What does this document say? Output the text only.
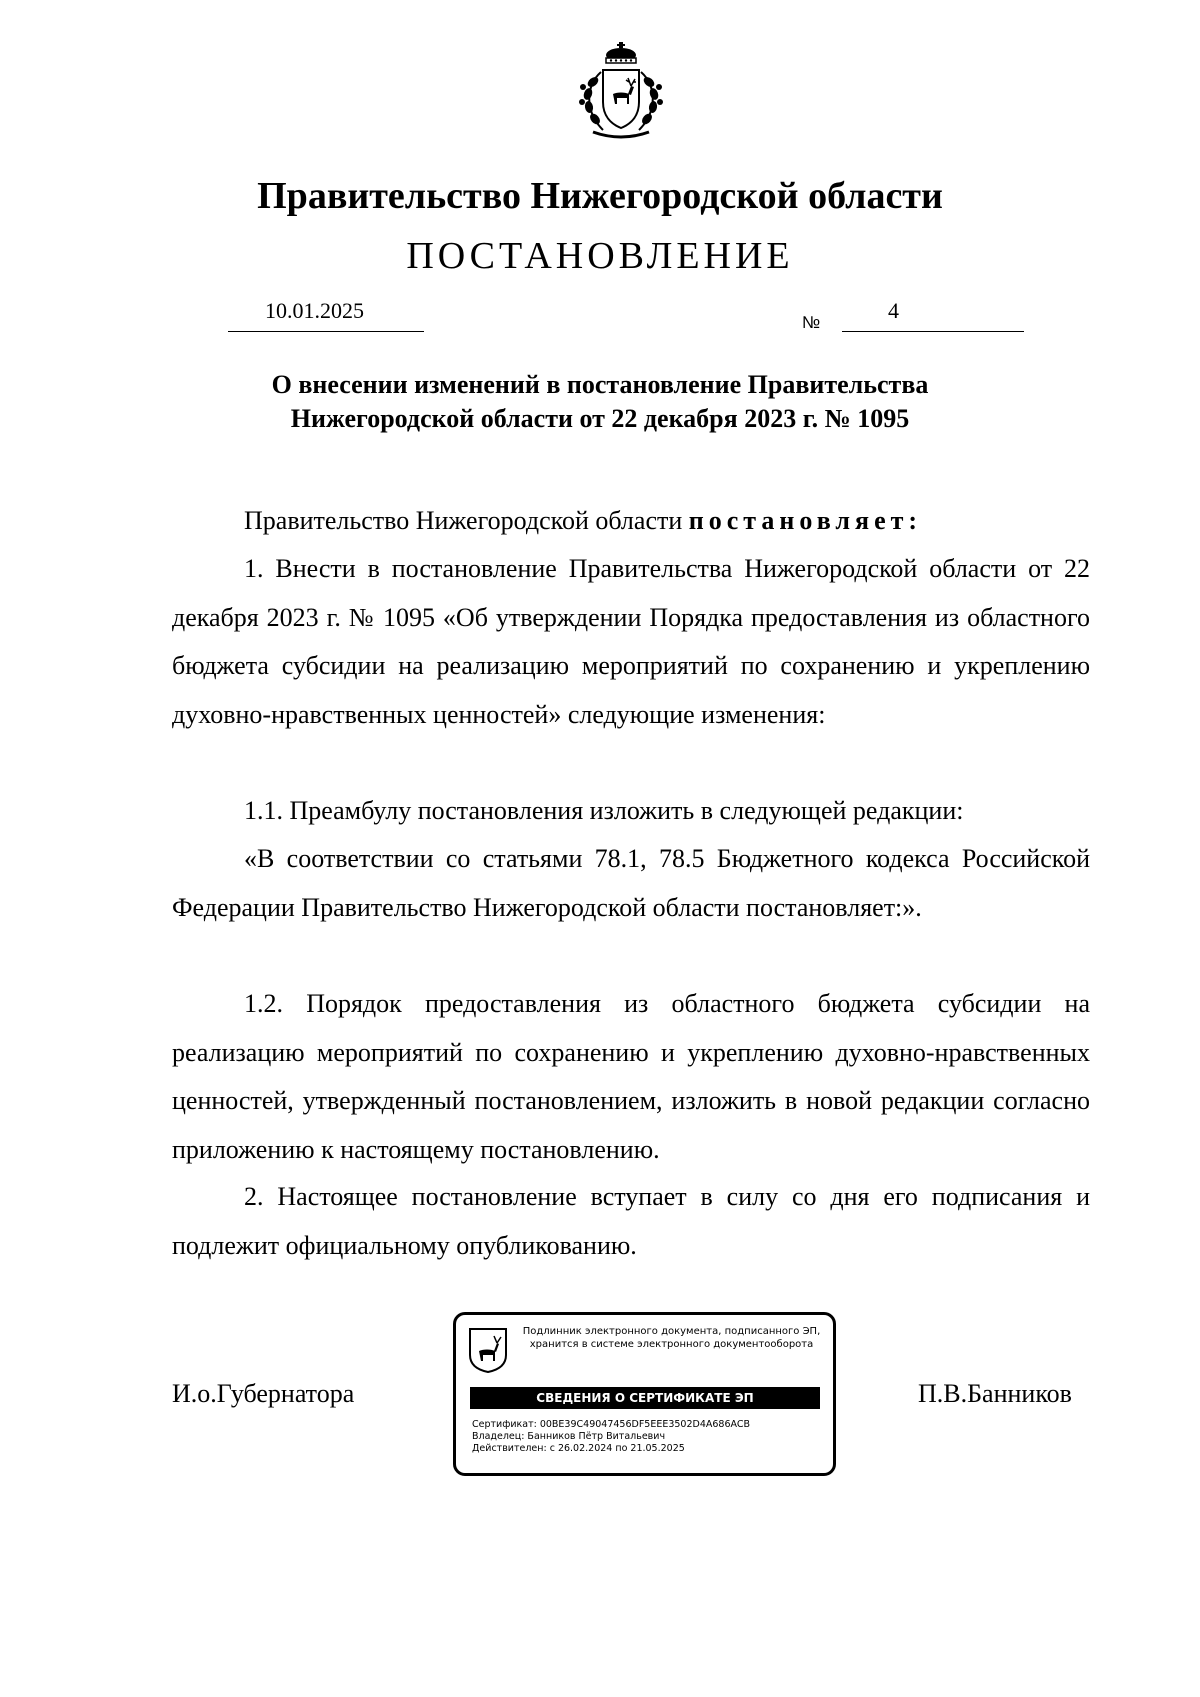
Правительство Нижегородской области
ПОСТАНОВЛЕНИЕ
10.01.2025	№	4
О внесении изменений в постановление Правительства
Нижегородской области от 22 декабря 2023 г. № 1095

Правительство Нижегородской области постановляет:

1. Внести в постановление Правительства Нижегородской области от 22 декабря 2023 г. № 1095 «Об утверждении Порядка предоставления из областного бюджета субсидии на реализацию мероприятий по сохранению и укреплению духовно-нравственных ценностей» следующие изменения:

1.1. Преамбулу постановления изложить в следующей редакции:

«В соответствии со статьями 78.1, 78.5 Бюджетного кодекса Российской Федерации Правительство Нижегородской области постановляет:».

1.2. Порядок предоставления из областного бюджета субсидии на реализацию мероприятий по сохранению и укреплению духовно-нравственных ценностей, утвержденный постановлением, изложить в новой редакции согласно приложению к настоящему постановлению.

2. Настоящее постановление вступает в силу со дня его подписания и подлежит официальному опубликованию.

И.о.Губернатора	П.В.Банников
Подлинник электронного документа, подписанного ЭП, хранится в системе электронного документооборота
СВЕДЕНИЯ О СЕРТИФИКАТЕ ЭП
Сертификат: 00BE39C49047456DF5EEE3502D4A686ACB
Владелец: Банников Пётр Витальевич
Действителен: с 26.02.2024 по 21.05.2025
